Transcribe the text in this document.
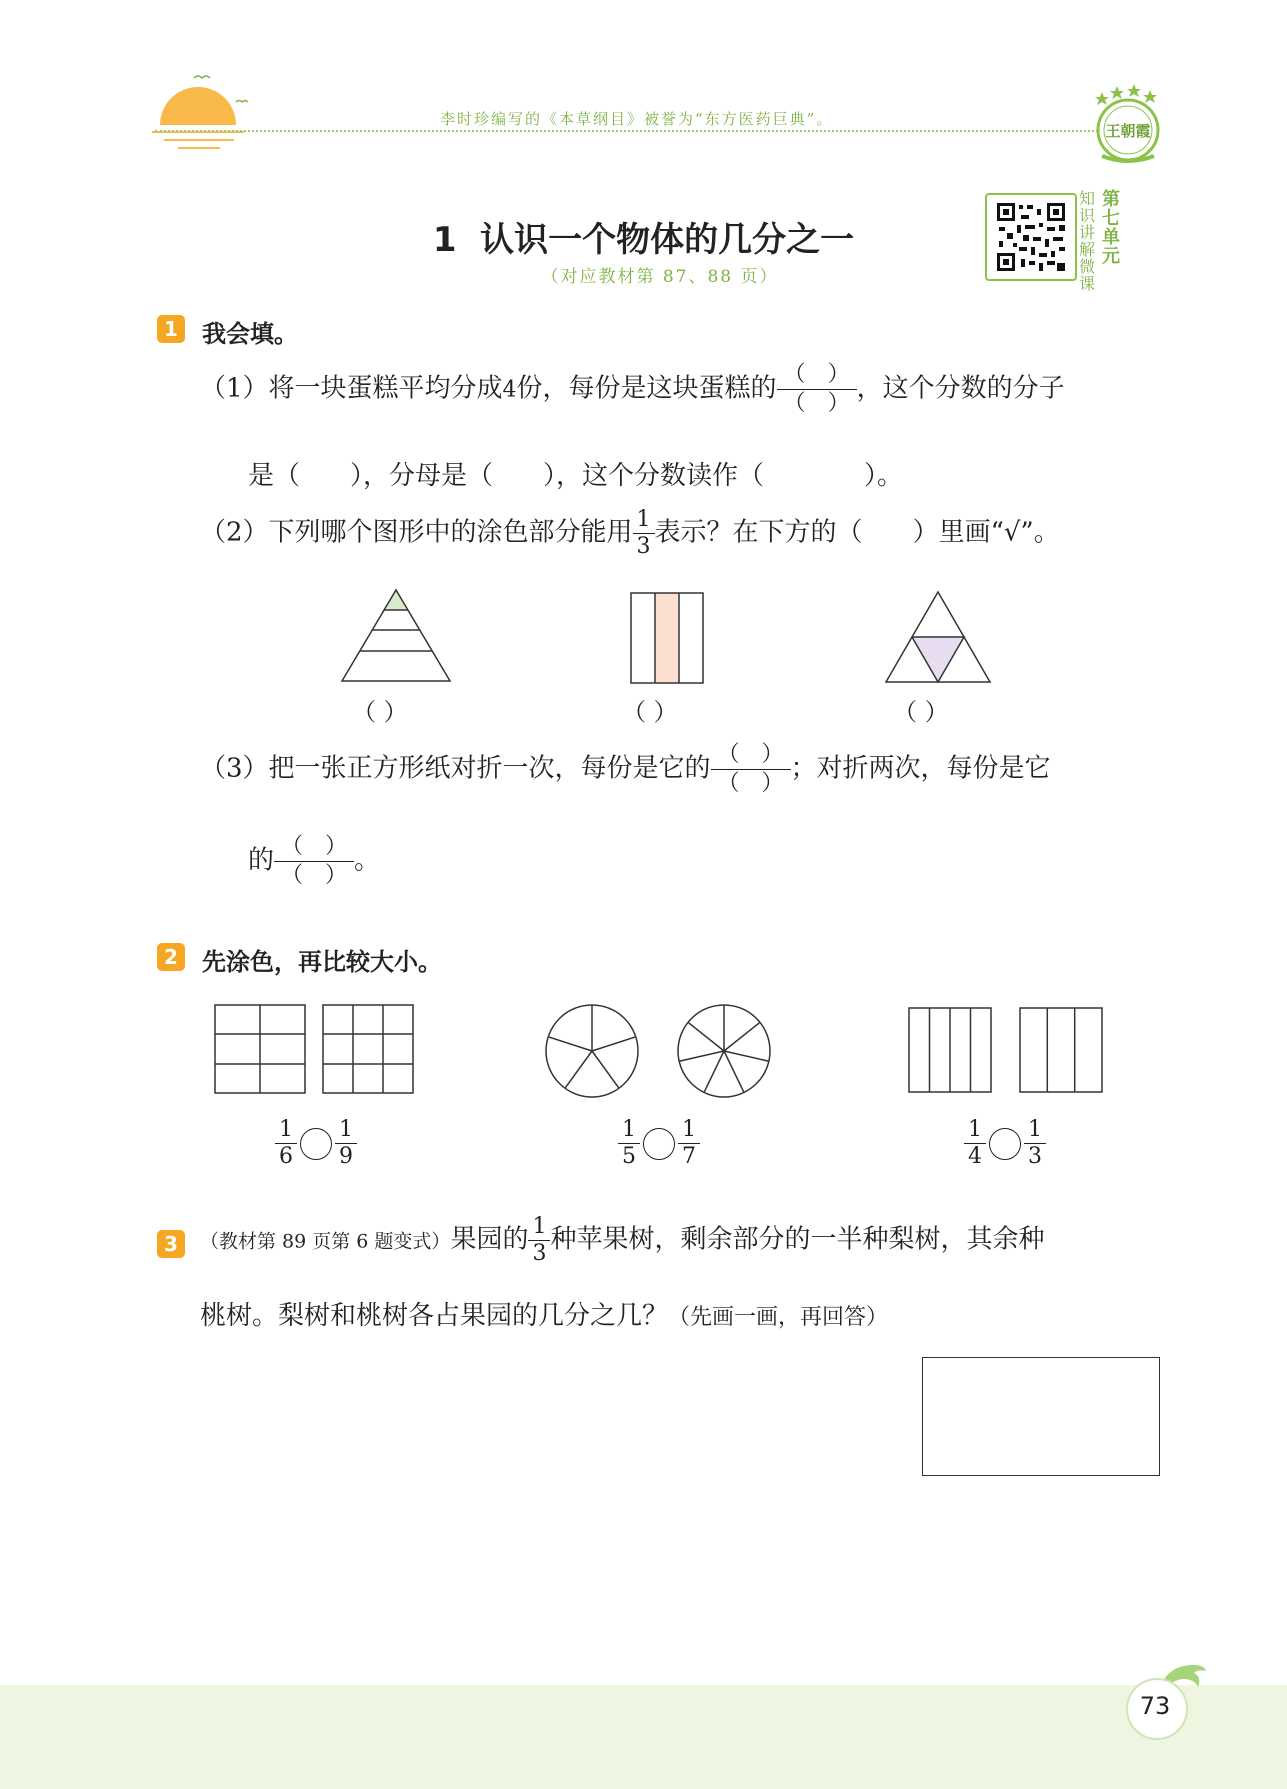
李时珍编写的《本草纲目》被誉为“东方医药巨典”。
王朝霞
1  认识一个物体的几分之一
（对应教材第 87、88 页）
知识讲解微课
第七单元
1 我会填。
（1）将一块蛋糕平均分成4份，每份是这块蛋糕的 $\frac{( )}{( )}$ ，这个分数的分子
是（ ），分母是（ ），这个分数读作（	）。
（2）下列哪个图形中的涂色部分能用 $\frac{1}{3}$ 表示？在下方的（ ）里画“√”。
（ ）	（ ）	（ ）
（3）把一张正方形纸对折一次，每份是它的 $\frac{( )}{( )}$ ；对折两次，每份是它
的 $\frac{( )}{( )}$ 。
2 先涂色，再比较大小。
$\frac{1}{6} \frac{1}{9}$	$\frac{1}{5} \frac{1}{7}$	$\frac{1}{4} \frac{1}{3}$
3	（教材第 89 页第 6 题变式）果园的 $\frac{1}{3}$ 种苹果树，剩余部分的一半种梨树，其余种
桃树。梨树和桃树各占果园的几分之几？（先画一画，再回答）
73
